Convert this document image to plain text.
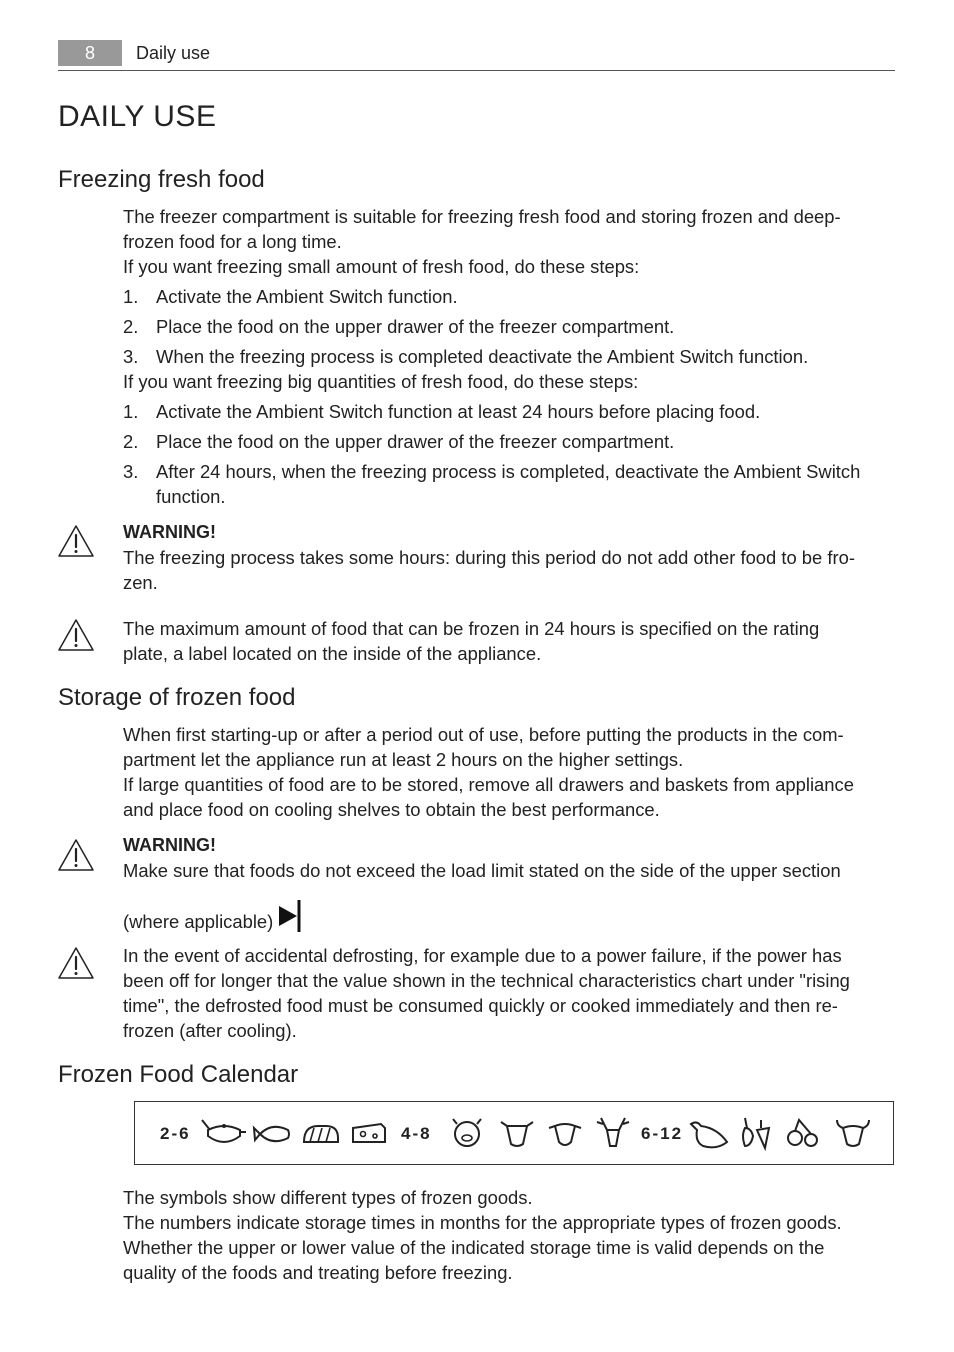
8	Daily use
DAILY USE
Freezing fresh food
The freezer compartment is suitable for freezing fresh food and storing frozen and deep-
frozen food for a long time.
If you want freezing small amount of fresh food, do these steps:
1. Activate the Ambient Switch function.
2. Place the food on the upper drawer of the freezer compartment.
3. When the freezing process is completed deactivate the Ambient Switch function.
If you want freezing big quantities of fresh food, do these steps:
1. Activate the Ambient Switch function at least 24 hours before placing food.
2. Place the food on the upper drawer of the freezer compartment.
3. After 24 hours, when the freezing process is completed, deactivate the Ambient Switch
function.
WARNING!
The freezing process takes some hours: during this period do not add other food to be fro-
zen.
The maximum amount of food that can be frozen in 24 hours is specified on the rating
plate, a label located on the inside of the appliance.
Storage of frozen food
When first starting-up or after a period out of use, before putting the products in the com-
partment let the appliance run at least 2 hours on the higher settings.
If large quantities of food are to be stored, remove all drawers and baskets from appliance
and place food on cooling shelves to obtain the best performance.
WARNING!
Make sure that foods do not exceed the load limit stated on the side of the upper section
(where applicable)
In the event of accidental defrosting, for example due to a power failure, if the power has
been off for longer that the value shown in the technical characteristics chart under "rising
time", the defrosted food must be consumed quickly or cooked immediately and then re-
frozen (after cooling).
Frozen Food Calendar
2-6	4-8	6-12
The symbols show different types of frozen goods.
The numbers indicate storage times in months for the appropriate types of frozen goods.
Whether the upper or lower value of the indicated storage time is valid depends on the
quality of the foods and treating before freezing.
